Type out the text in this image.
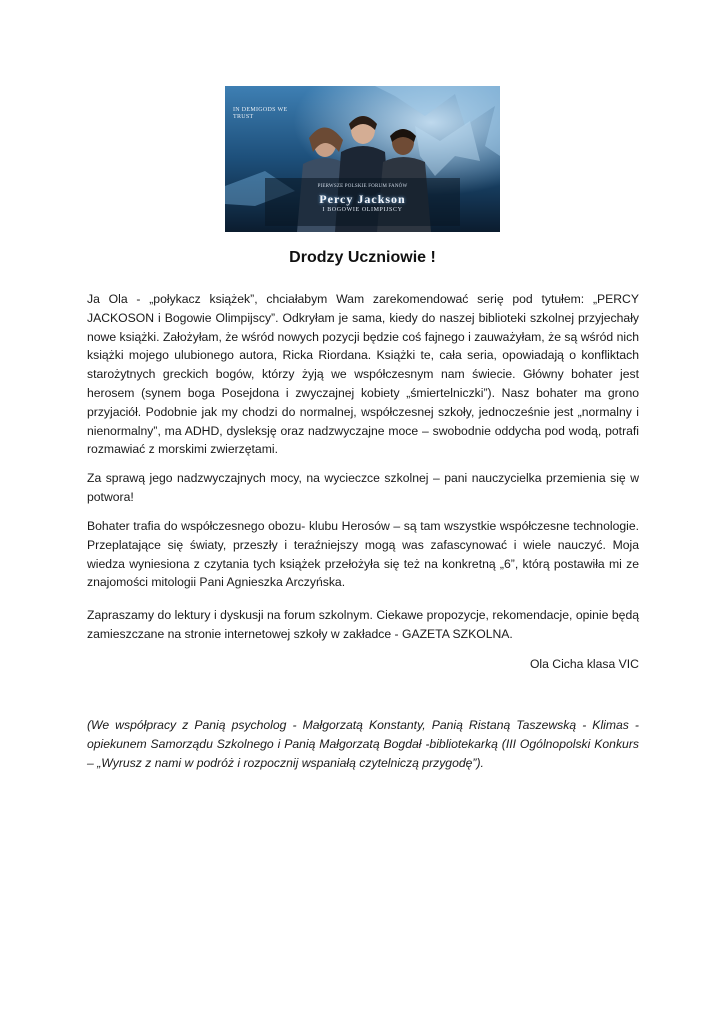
IN DEMIGODS WE TRUST
PIERWSZE POLSKIE FORUM FANÓW
Percy Jackson
I BOGOWIE OLIMPIJSCY
Drodzy Uczniowie !

Ja Ola - „połykacz książek”, chciałabym Wam zarekomendować serię pod tytułem: „PERCY JACKOSON i Bogowie Olimpijscy”. Odkryłam je sama, kiedy do naszej biblioteki szkolnej przyjechały nowe książki. Założyłam, że wśród nowych pozycji będzie coś fajnego i zauważyłam, że są wśród nich książki mojego ulubionego autora, Ricka Riordana. Książki te, cała seria, opowiadają o konfliktach starożytnych greckich bogów, którzy żyją we współczesnym nam świecie. Główny bohater jest herosem (synem boga Posejdona i zwyczajnej kobiety „śmiertelniczki”). Nasz bohater ma grono przyjaciół. Podobnie jak my chodzi do normalnej, współczesnej szkoły, jednocześnie jest „normalny i nienormalny”, ma ADHD, dysleksję oraz nadzwyczajne moce – swobodnie oddycha pod wodą, potrafi rozmawiać z morskimi zwierzętami.

Za sprawą jego nadzwyczajnych mocy, na wycieczce szkolnej – pani nauczycielka przemienia się w potwora!

Bohater trafia do współczesnego obozu- klubu Herosów – są tam wszystkie współczesne technologie. Przeplatające się światy, przeszły i teraźniejszy mogą was zafascynować i wiele nauczyć. Moja wiedza wyniesiona z czytania tych książek przełożyła się też na konkretną „6”, którą postawiła mi ze znajomości mitologii Pani Agnieszka Arczyńska.

Zapraszamy do lektury i dyskusji na forum szkolnym. Ciekawe propozycje, rekomendacje, opinie będą zamieszczane na stronie internetowej szkoły w zakładce - GAZETA SZKOLNA.

Ola Cicha klasa VIC

(We współpracy z Panią psycholog - Małgorzatą Konstanty, Panią Ristaną Taszewską - Klimas - opiekunem Samorządu Szkolnego i Panią Małgorzatą Bogdał -bibliotekarką (III Ogólnopolski Konkurs – „Wyrusz z nami w podróż i rozpocznij wspaniałą czytelniczą przygodę”).
